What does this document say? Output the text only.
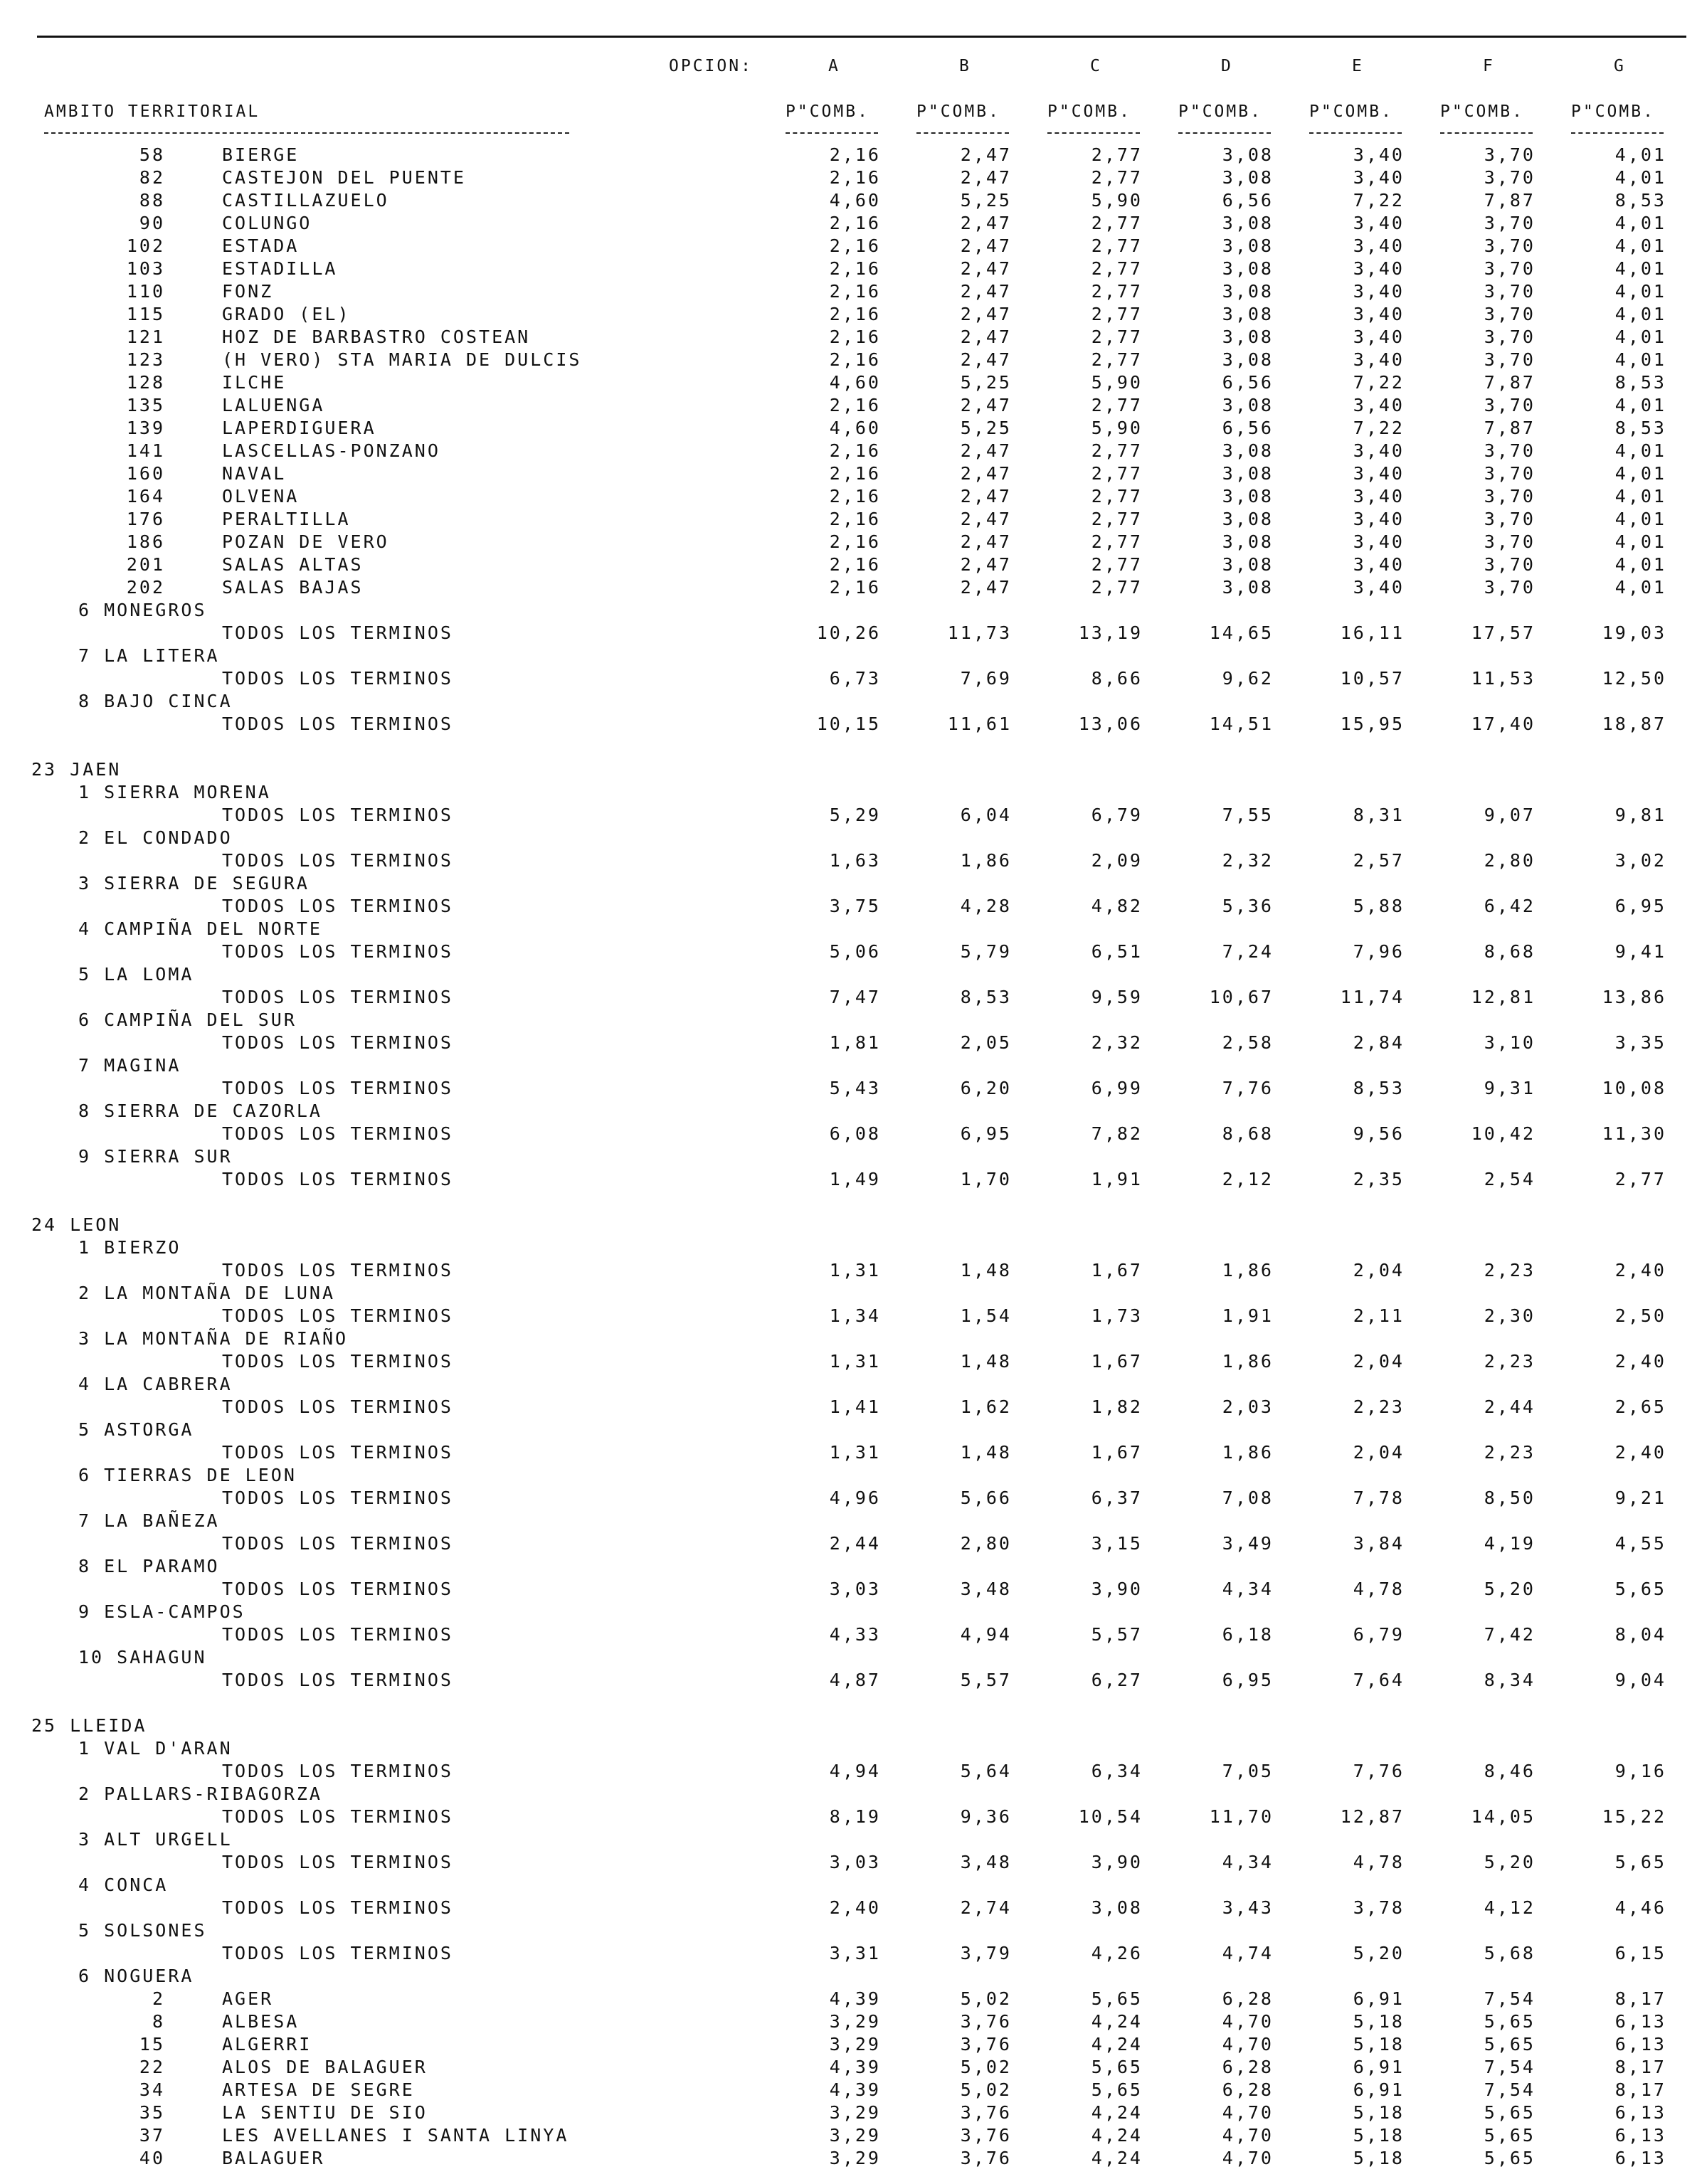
OPCION:
AMBITO TERRITORIAL
A	B	C	D	E	F	G
P"COMB.	P"COMB.	P"COMB.	P"COMB.	P"COMB.	P"COMB.	P"COMB.
58	BIERGE	2,16	2,47	2,77	3,08	3,40	3,70	4,01
82	CASTEJON DEL PUENTE	2,16	2,47	2,77	3,08	3,40	3,70	4,01
88	CASTILLAZUELO	4,60	5,25	5,90	6,56	7,22	7,87	8,53
90	COLUNGO	2,16	2,47	2,77	3,08	3,40	3,70	4,01
102	ESTADA	2,16	2,47	2,77	3,08	3,40	3,70	4,01
103	ESTADILLA	2,16	2,47	2,77	3,08	3,40	3,70	4,01
110	FONZ	2,16	2,47	2,77	3,08	3,40	3,70	4,01
115	GRADO (EL)	2,16	2,47	2,77	3,08	3,40	3,70	4,01
121	HOZ DE BARBASTRO COSTEAN	2,16	2,47	2,77	3,08	3,40	3,70	4,01
123	(H VERO) STA MARIA DE DULCIS	2,16	2,47	2,77	3,08	3,40	3,70	4,01
128	ILCHE	4,60	5,25	5,90	6,56	7,22	7,87	8,53
135	LALUENGA	2,16	2,47	2,77	3,08	3,40	3,70	4,01
139	LAPERDIGUERA	4,60	5,25	5,90	6,56	7,22	7,87	8,53
141	LASCELLAS-PONZANO	2,16	2,47	2,77	3,08	3,40	3,70	4,01
160	NAVAL	2,16	2,47	2,77	3,08	3,40	3,70	4,01
164	OLVENA	2,16	2,47	2,77	3,08	3,40	3,70	4,01
176	PERALTILLA	2,16	2,47	2,77	3,08	3,40	3,70	4,01
186	POZAN DE VERO	2,16	2,47	2,77	3,08	3,40	3,70	4,01
201	SALAS ALTAS	2,16	2,47	2,77	3,08	3,40	3,70	4,01
202	SALAS BAJAS	2,16	2,47	2,77	3,08	3,40	3,70	4,01
6 MONEGROS
TODOS LOS TERMINOS	10,26	11,73	13,19	14,65	16,11	17,57	19,03
7 LA LITERA
TODOS LOS TERMINOS	6,73	7,69	8,66	9,62	10,57	11,53	12,50
8 BAJO CINCA
TODOS LOS TERMINOS	10,15	11,61	13,06	14,51	15,95	17,40	18,87
23 JAEN
1 SIERRA MORENA
TODOS LOS TERMINOS	5,29	6,04	6,79	7,55	8,31	9,07	9,81
2 EL CONDADO
TODOS LOS TERMINOS	1,63	1,86	2,09	2,32	2,57	2,80	3,02
3 SIERRA DE SEGURA
TODOS LOS TERMINOS	3,75	4,28	4,82	5,36	5,88	6,42	6,95
4 CAMPIÑA DEL NORTE
TODOS LOS TERMINOS	5,06	5,79	6,51	7,24	7,96	8,68	9,41
5 LA LOMA
TODOS LOS TERMINOS	7,47	8,53	9,59	10,67	11,74	12,81	13,86
6 CAMPIÑA DEL SUR
TODOS LOS TERMINOS	1,81	2,05	2,32	2,58	2,84	3,10	3,35
7 MAGINA
TODOS LOS TERMINOS	5,43	6,20	6,99	7,76	8,53	9,31	10,08
8 SIERRA DE CAZORLA
TODOS LOS TERMINOS	6,08	6,95	7,82	8,68	9,56	10,42	11,30
9 SIERRA SUR
TODOS LOS TERMINOS	1,49	1,70	1,91	2,12	2,35	2,54	2,77
24 LEON
1 BIERZO
TODOS LOS TERMINOS	1,31	1,48	1,67	1,86	2,04	2,23	2,40
2 LA MONTAÑA DE LUNA
TODOS LOS TERMINOS	1,34	1,54	1,73	1,91	2,11	2,30	2,50
3 LA MONTAÑA DE RIAÑO
TODOS LOS TERMINOS	1,31	1,48	1,67	1,86	2,04	2,23	2,40
4 LA CABRERA
TODOS LOS TERMINOS	1,41	1,62	1,82	2,03	2,23	2,44	2,65
5 ASTORGA
TODOS LOS TERMINOS	1,31	1,48	1,67	1,86	2,04	2,23	2,40
6 TIERRAS DE LEON
TODOS LOS TERMINOS	4,96	5,66	6,37	7,08	7,78	8,50	9,21
7 LA BAÑEZA
TODOS LOS TERMINOS	2,44	2,80	3,15	3,49	3,84	4,19	4,55
8 EL PARAMO
TODOS LOS TERMINOS	3,03	3,48	3,90	4,34	4,78	5,20	5,65
9 ESLA-CAMPOS
TODOS LOS TERMINOS	4,33	4,94	5,57	6,18	6,79	7,42	8,04
10 SAHAGUN
TODOS LOS TERMINOS	4,87	5,57	6,27	6,95	7,64	8,34	9,04
25 LLEIDA
1 VAL D'ARAN
TODOS LOS TERMINOS	4,94	5,64	6,34	7,05	7,76	8,46	9,16
2 PALLARS-RIBAGORZA
TODOS LOS TERMINOS	8,19	9,36	10,54	11,70	12,87	14,05	15,22
3 ALT URGELL
TODOS LOS TERMINOS	3,03	3,48	3,90	4,34	4,78	5,20	5,65
4 CONCA
TODOS LOS TERMINOS	2,40	2,74	3,08	3,43	3,78	4,12	4,46
5 SOLSONES
TODOS LOS TERMINOS	3,31	3,79	4,26	4,74	5,20	5,68	6,15
6 NOGUERA
2	AGER	4,39	5,02	5,65	6,28	6,91	7,54	8,17
8	ALBESA	3,29	3,76	4,24	4,70	5,18	5,65	6,13
15	ALGERRI	3,29	3,76	4,24	4,70	5,18	5,65	6,13
22	ALOS DE BALAGUER	4,39	5,02	5,65	6,28	6,91	7,54	8,17
34	ARTESA DE SEGRE	4,39	5,02	5,65	6,28	6,91	7,54	8,17
35	LA SENTIU DE SIO	3,29	3,76	4,24	4,70	5,18	5,65	6,13
37	LES AVELLANES I SANTA LINYA	3,29	3,76	4,24	4,70	5,18	5,65	6,13
40	BALAGUER	3,29	3,76	4,24	4,70	5,18	5,65	6,13
